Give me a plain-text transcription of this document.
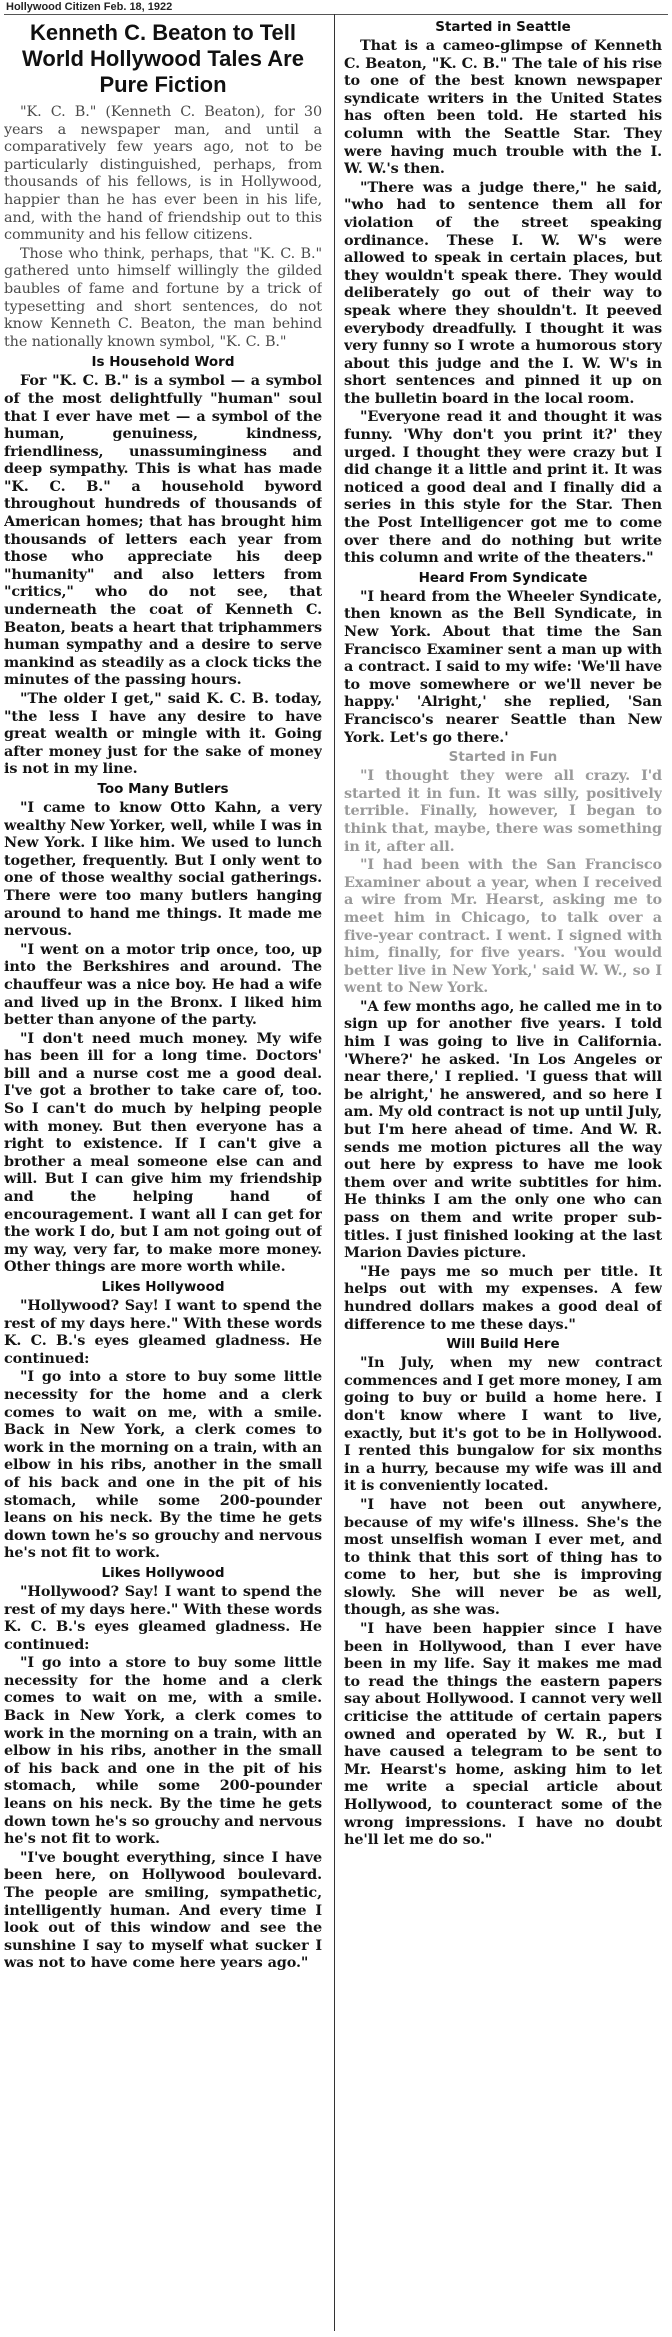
Hollywood Citizen Feb. 18, 1922
Kenneth C. Beaton to Tell World Hollywood Tales Are Pure Fiction

"K. C. B." (Kenneth C. Beaton), for 30 years a newspaper man, and until a comparatively few years ago, not to be particularly distinguished, perhaps, from thousands of his fellows, is in Hollywood, happier than he has ever been in his life, and, with the hand of friendship out to this community and his fellow citizens.

Those who think, perhaps, that "K. C. B." gathered unto himself willingly the gilded baubles of fame and fortune by a trick of typesetting and short sentences, do not know Kenneth C. Beaton, the man behind the nationally known symbol, "K. C. B."

Is Household Word

For "K. C. B." is a symbol — a symbol of the most delightfully "human" soul that I ever have met — a symbol of the human, genuiness, kindness, friendliness, unassuminginess and deep sympathy. This is what has made "K. C. B." a household byword throughout hundreds of thousands of American homes; that has brought him thousands of letters each year from those who appreciate his deep "humanity" and also letters from "critics," who do not see, that underneath the coat of Kenneth C. Beaton, beats a heart that triphammers human sympathy and a desire to serve mankind as steadily as a clock ticks the minutes of the passing hours.

"The older I get," said K. C. B. today, "the less I have any desire to have great wealth or mingle with it. Going after money just for the sake of money is not in my line.

Too Many Butlers

"I came to know Otto Kahn, a very wealthy New Yorker, well, while I was in New York. I like him. We used to lunch together, frequently. But I only went to one of those wealthy social gatherings. There were too many butlers hanging around to hand me things. It made me nervous.

"I went on a motor trip once, too, up into the Berkshires and around. The chauffeur was a nice boy. He had a wife and lived up in the Bronx. I liked him better than anyone of the party.

"I don't need much money. My wife has been ill for a long time. Doctors' bill and a nurse cost me a good deal. I've got a brother to take care of, too. So I can't do much by helping people with money. But then everyone has a right to existence. If I can't give a brother a meal someone else can and will. But I can give him my friendship and the helping hand of encouragement. I want all I can get for the work I do, but I am not going out of my way, very far, to make more money. Other things are more worth while.

Likes Hollywood

"Hollywood? Say! I want to spend the rest of my days here." With these words K. C. B.'s eyes gleamed gladness. He continued:

"I go into a store to buy some little necessity for the home and a clerk comes to wait on me, with a smile. Back in New York, a clerk comes to work in the morning on a train, with an elbow in his ribs, another in the small of his back and one in the pit of his stomach, while some 200-pounder leans on his neck. By the time he gets down town he's so grouchy and nervous he's not fit to work.

Likes Hollywood

"Hollywood? Say! I want to spend the rest of my days here." With these words K. C. B.'s eyes gleamed gladness. He continued:

"I go into a store to buy some little necessity for the home and a clerk comes to wait on me, with a smile. Back in New York, a clerk comes to work in the morning on a train, with an elbow in his ribs, another in the small of his back and one in the pit of his stomach, while some 200-pounder leans on his neck. By the time he gets down town he's so grouchy and nervous he's not fit to work.

"I've bought everything, since I have been here, on Hollywood boulevard. The people are smiling, sympathetic, intelligently human. And every time I look out of this window and see the sunshine I say to myself what sucker I was not to have come here years ago."

Started in Seattle

That is a cameo-glimpse of Kenneth C. Beaton, "K. C. B." The tale of his rise to one of the best known newspaper syndicate writers in the United States has often been told. He started his column with the Seattle Star. They were having much trouble with the I. W. W.'s then.

"There was a judge there," he said, "who had to sentence them all for violation of the street speaking ordinance. These I. W. W's were allowed to speak in certain places, but they wouldn't speak there. They would deliberately go out of their way to speak where they shouldn't. It peeved everybody dreadfully. I thought it was very funny so I wrote a humorous story about this judge and the I. W. W's in short sentences and pinned it up on the bulletin board in the local room.

"Everyone read it and thought it was funny. 'Why don't you print it?' they urged. I thought they were crazy but I did change it a little and print it. It was noticed a good deal and I finally did a series in this style for the Star. Then the Post Intelligencer got me to come over there and do nothing but write this column and write of the theaters."

Heard From Syndicate

"I heard from the Wheeler Syndicate, then known as the Bell Syndicate, in New York. About that time the San Francisco Examiner sent a man up with a contract. I said to my wife: 'We'll have to move somewhere or we'll never be happy.' 'Alright,' she replied, 'San Francisco's nearer Seattle than New York. Let's go there.'

Started in Fun

"I thought they were all crazy. I'd started it in fun. It was silly, positively terrible. Finally, however, I began to think that, maybe, there was something in it, after all.

"I had been with the San Francisco Examiner about a year, when I received a wire from Mr. Hearst, asking me to meet him in Chicago, to talk over a five-year contract. I went. I signed with him, finally, for five years. 'You would better live in New York,' said W. W., so I went to New York.

"A few months ago, he called me in to sign up for another five years. I told him I was going to live in California. 'Where?' he asked. 'In Los Angeles or near there,' I replied. 'I guess that will be alright,' he answered, and so here I am. My old contract is not up until July, but I'm here ahead of time. And W. R. sends me motion pictures all the way out here by express to have me look them over and write subtitles for him. He thinks I am the only one who can pass on them and write proper sub-titles. I just finished looking at the last Marion Davies picture.

"He pays me so much per title. It helps out with my expenses. A few hundred dollars makes a good deal of difference to me these days."

Will Build Here

"In July, when my new contract commences and I get more money, I am going to buy or build a home here. I don't know where I want to live, exactly, but it's got to be in Hollywood. I rented this bungalow for six months in a hurry, because my wife was ill and it is conveniently located.

"I have not been out anywhere, because of my wife's illness. She's the most unselfish woman I ever met, and to think that this sort of thing has to come to her, but she is improving slowly. She will never be as well, though, as she was.

"I have been happier since I have been in Hollywood, than I ever have been in my life. Say it makes me mad to read the things the eastern papers say about Hollywood. I cannot very well criticise the attitude of certain papers owned and operated by W. R., but I have caused a telegram to be sent to Mr. Hearst's home, asking him to let me write a special article about Hollywood, to counteract some of the wrong impressions. I have no doubt he'll let me do so."
